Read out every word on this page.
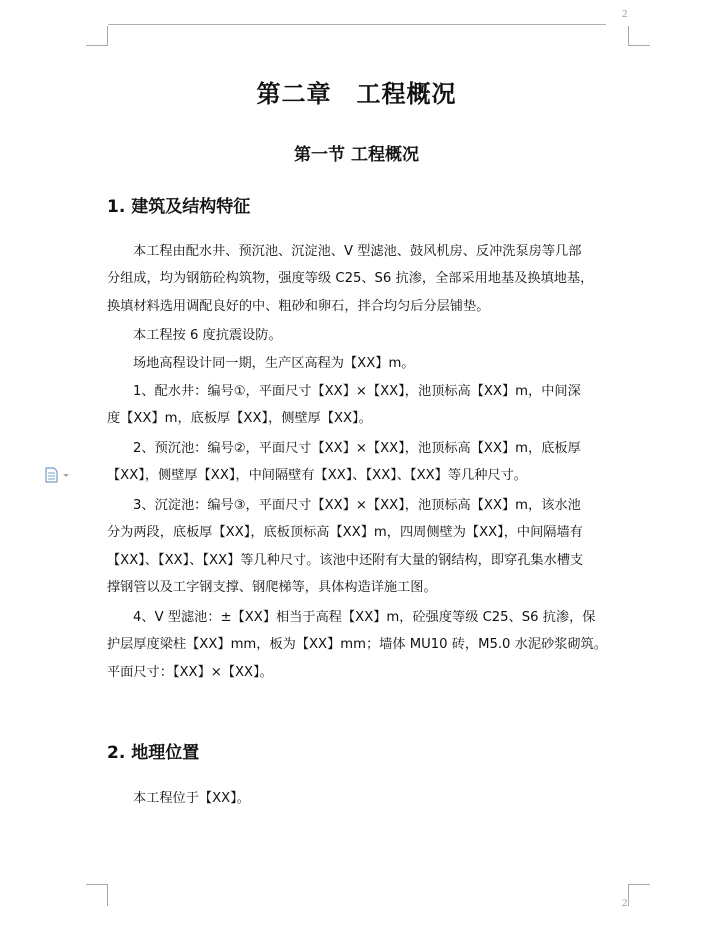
2
2
第二章　工程概况
第一节 工程概况
1. 建筑及结构特征
本工程由配水井、预沉池、沉淀池、V 型滤池、鼓风机房、反冲洗泵房等几部
分组成，均为钢筋砼构筑物，强度等级 C25、S6 抗渗，全部采用地基及换填地基，
换填材料选用调配良好的中、粗砂和卵石，拌合均匀后分层铺垫。
本工程按 6 度抗震设防。
场地高程设计同一期，生产区高程为【XX】m。
1、配水井：编号①，平面尺寸【XX】×【XX】，池顶标高【XX】m，中间深
度【XX】m，底板厚【XX】，侧壁厚【XX】。
2、预沉池：编号②，平面尺寸【XX】×【XX】，池顶标高【XX】m，底板厚
【XX】，侧壁厚【XX】，中间隔壁有【XX】、【XX】、【XX】等几种尺寸。
3、沉淀池：编号③，平面尺寸【XX】×【XX】，池顶标高【XX】m，该水池
分为两段，底板厚【XX】，底板顶标高【XX】m，四周侧壁为【XX】，中间隔墙有
【XX】、【XX】、【XX】等几种尺寸。该池中还附有大量的钢结构，即穿孔集水槽支
撑钢管以及工字钢支撑、钢爬梯等，具体构造详施工图。
4、V 型滤池：±【XX】相当于高程【XX】m，砼强度等级 C25、S6 抗渗，保
护层厚度梁柱【XX】mm，板为【XX】mm；墙体 MU10 砖，M5.0 水泥砂浆砌筑。
平面尺寸：【XX】×【XX】。
2. 地理位置
本工程位于【XX】。
